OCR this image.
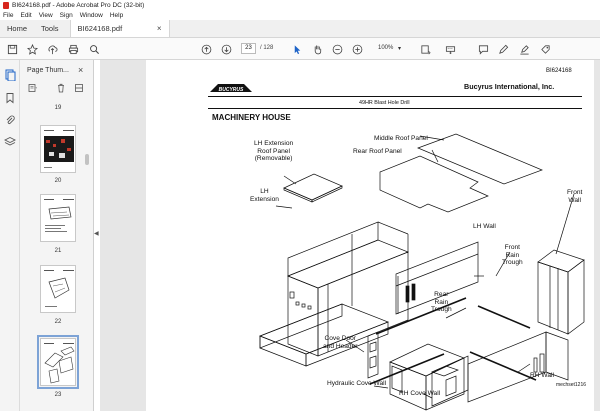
BI624168.pdf - Adobe Acrobat Pro DC (32-bit)
File Edit View Sign Window Help
Home	Tools	BI624168.pdf	×
23	/ 128	100% ▾
Page Thum... ×
19
20
21
22
23
◀
BI624168
BUCYRUS	Bucyrus International, Inc.
49HR Blast Hole Drill
MACHINERY HOUSE
LH Extension
Roof Panel
(Removable)
Middle Roof Panel
Rear Roof Panel
LH
Extension
Front
Wall
LH Wall
Front
Rain
Trough
Rear
Rain
Trough
Cove Door
and Header
Hydraulic Cove Wall
RH Cove Wall
RH Wall
mechset1216
